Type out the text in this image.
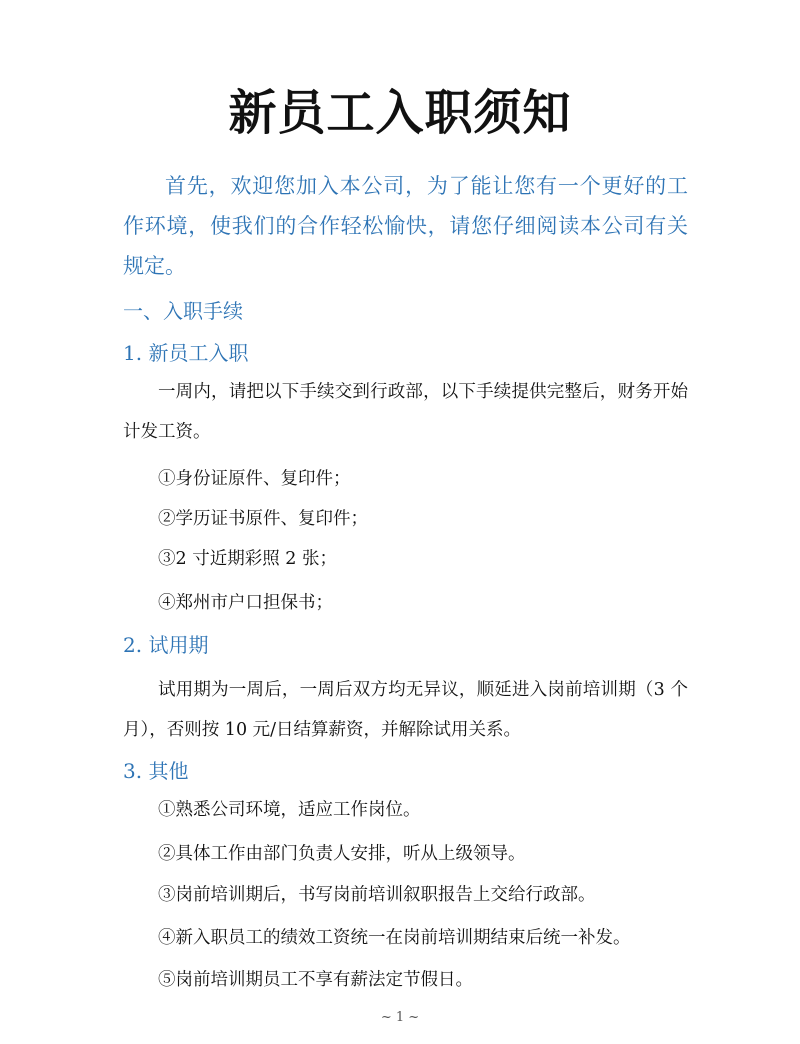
新员工入职须知
首先，欢迎您加入本公司，为了能让您有一个更好的工作环境，使我们的合作轻松愉快，请您仔细阅读本公司有关规定。
一、入职手续
1. 新员工入职
一周内，请把以下手续交到行政部，以下手续提供完整后，财务开始计发工资。
①身份证原件、复印件；
②学历证书原件、复印件；
③2 寸近期彩照 2 张；
④郑州市户口担保书；
2. 试用期
试用期为一周后，一周后双方均无异议，顺延进入岗前培训期（3 个月），否则按 10 元/日结算薪资，并解除试用关系。
3. 其他
①熟悉公司环境，适应工作岗位。
②具体工作由部门负责人安排，听从上级领导。
③岗前培训期后，书写岗前培训叙职报告上交给行政部。
④新入职员工的绩效工资统一在岗前培训期结束后统一补发。
⑤岗前培训期员工不享有薪法定节假日。
~ 1 ~
